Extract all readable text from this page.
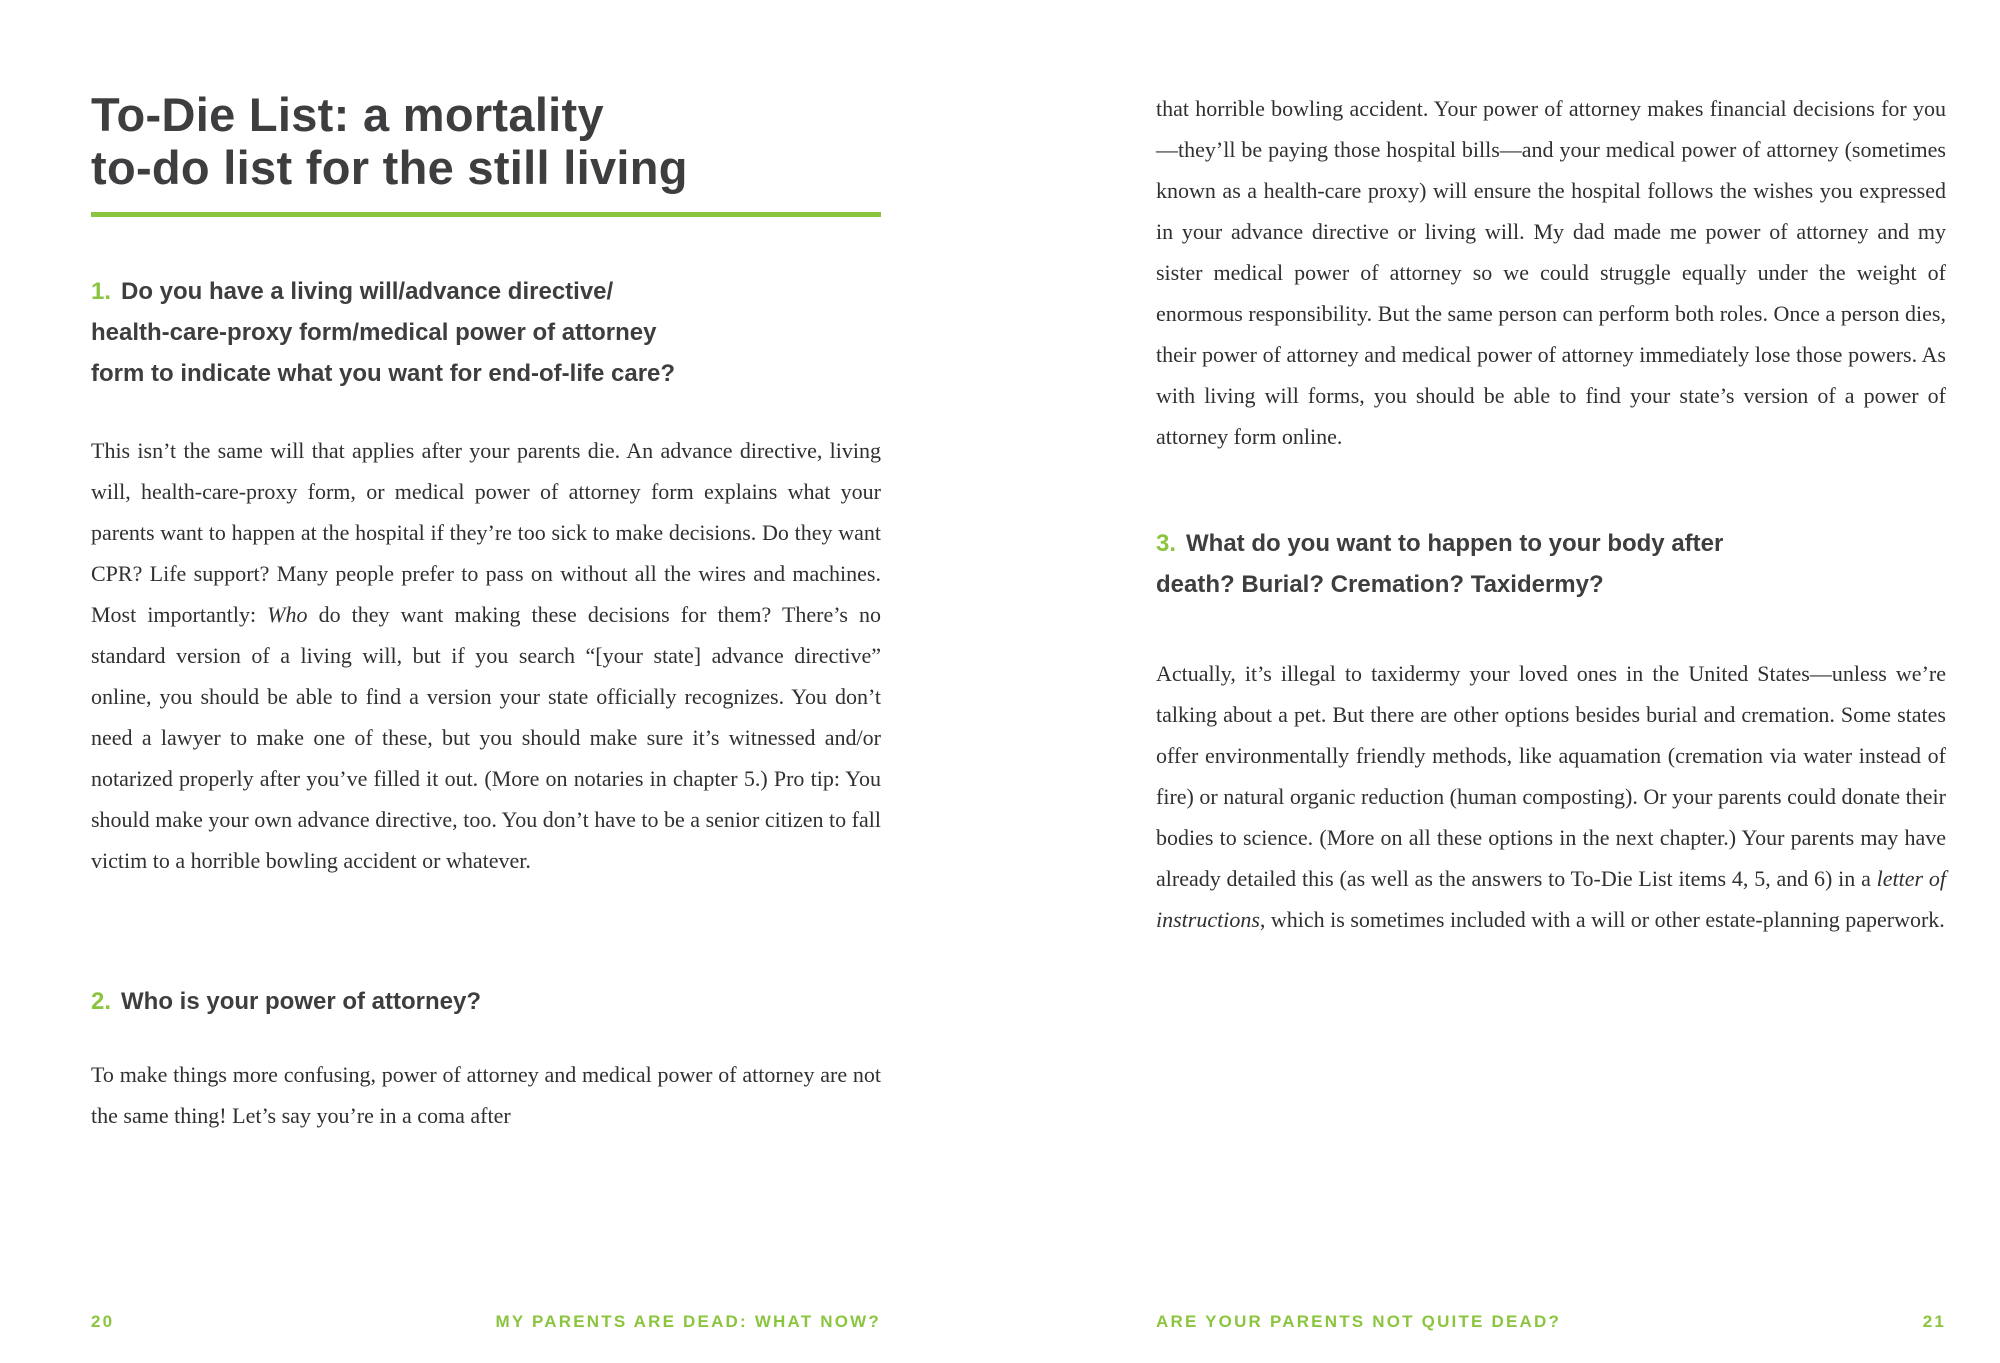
To-Die List: a mortality
to-do list for the still living
1. Do you have a living will/advance directive/
health-care-proxy form/medical power of attorney
form to indicate what you want for end-of-life care?

This isn’t the same will that applies after your parents die. An advance directive, living will, health-care-proxy form, or medical power of attorney form explains what your parents want to happen at the hospital if they’re too sick to make decisions. Do they want CPR? Life support? Many people prefer to pass on without all the wires and machines. Most importantly: Who do they want making these decisions for them? There’s no standard version of a living will, but if you search “[your state] advance directive” online, you should be able to find a version your state officially recognizes. You don’t need a lawyer to make one of these, but you should make sure it’s witnessed and/or notarized properly after you’ve filled it out. (More on notaries in chapter 5.) Pro tip: You should make your own advance directive, too. You don’t have to be a senior citizen to fall victim to a horrible bowling accident or whatever.

2. Who is your power of attorney?

To make things more confusing, power of attorney and medical power of attorney are not the same thing! Let’s say you’re in a coma after

that horrible bowling accident. Your power of attorney makes financial decisions for you—they’ll be paying those hospital bills—and your medical power of attorney (sometimes known as a health-care proxy) will ensure the hospital follows the wishes you expressed in your advance directive or living will. My dad made me power of attorney and my sister medical power of attorney so we could struggle equally under the weight of enormous responsibility. But the same person can perform both roles. Once a person dies, their power of attorney and medical power of attorney immediately lose those powers. As with living will forms, you should be able to find your state’s version of a power of attorney form online.

3. What do you want to happen to your body after
death? Burial? Cremation? Taxidermy?

Actually, it’s illegal to taxidermy your loved ones in the United States—unless we’re talking about a pet. But there are other options besides burial and cremation. Some states offer environmentally friendly methods, like aquamation (cremation via water instead of fire) or natural organic reduction (human composting). Or your parents could donate their bodies to science. (More on all these options in the next chapter.) Your parents may have already detailed this (as well as the answers to To-Die List items 4, 5, and 6) in a letter of instructions, which is sometimes included with a will or other estate-planning paperwork.

20	MY PARENTS ARE DEAD: WHAT NOW?	ARE YOUR PARENTS NOT QUITE DEAD?	21
